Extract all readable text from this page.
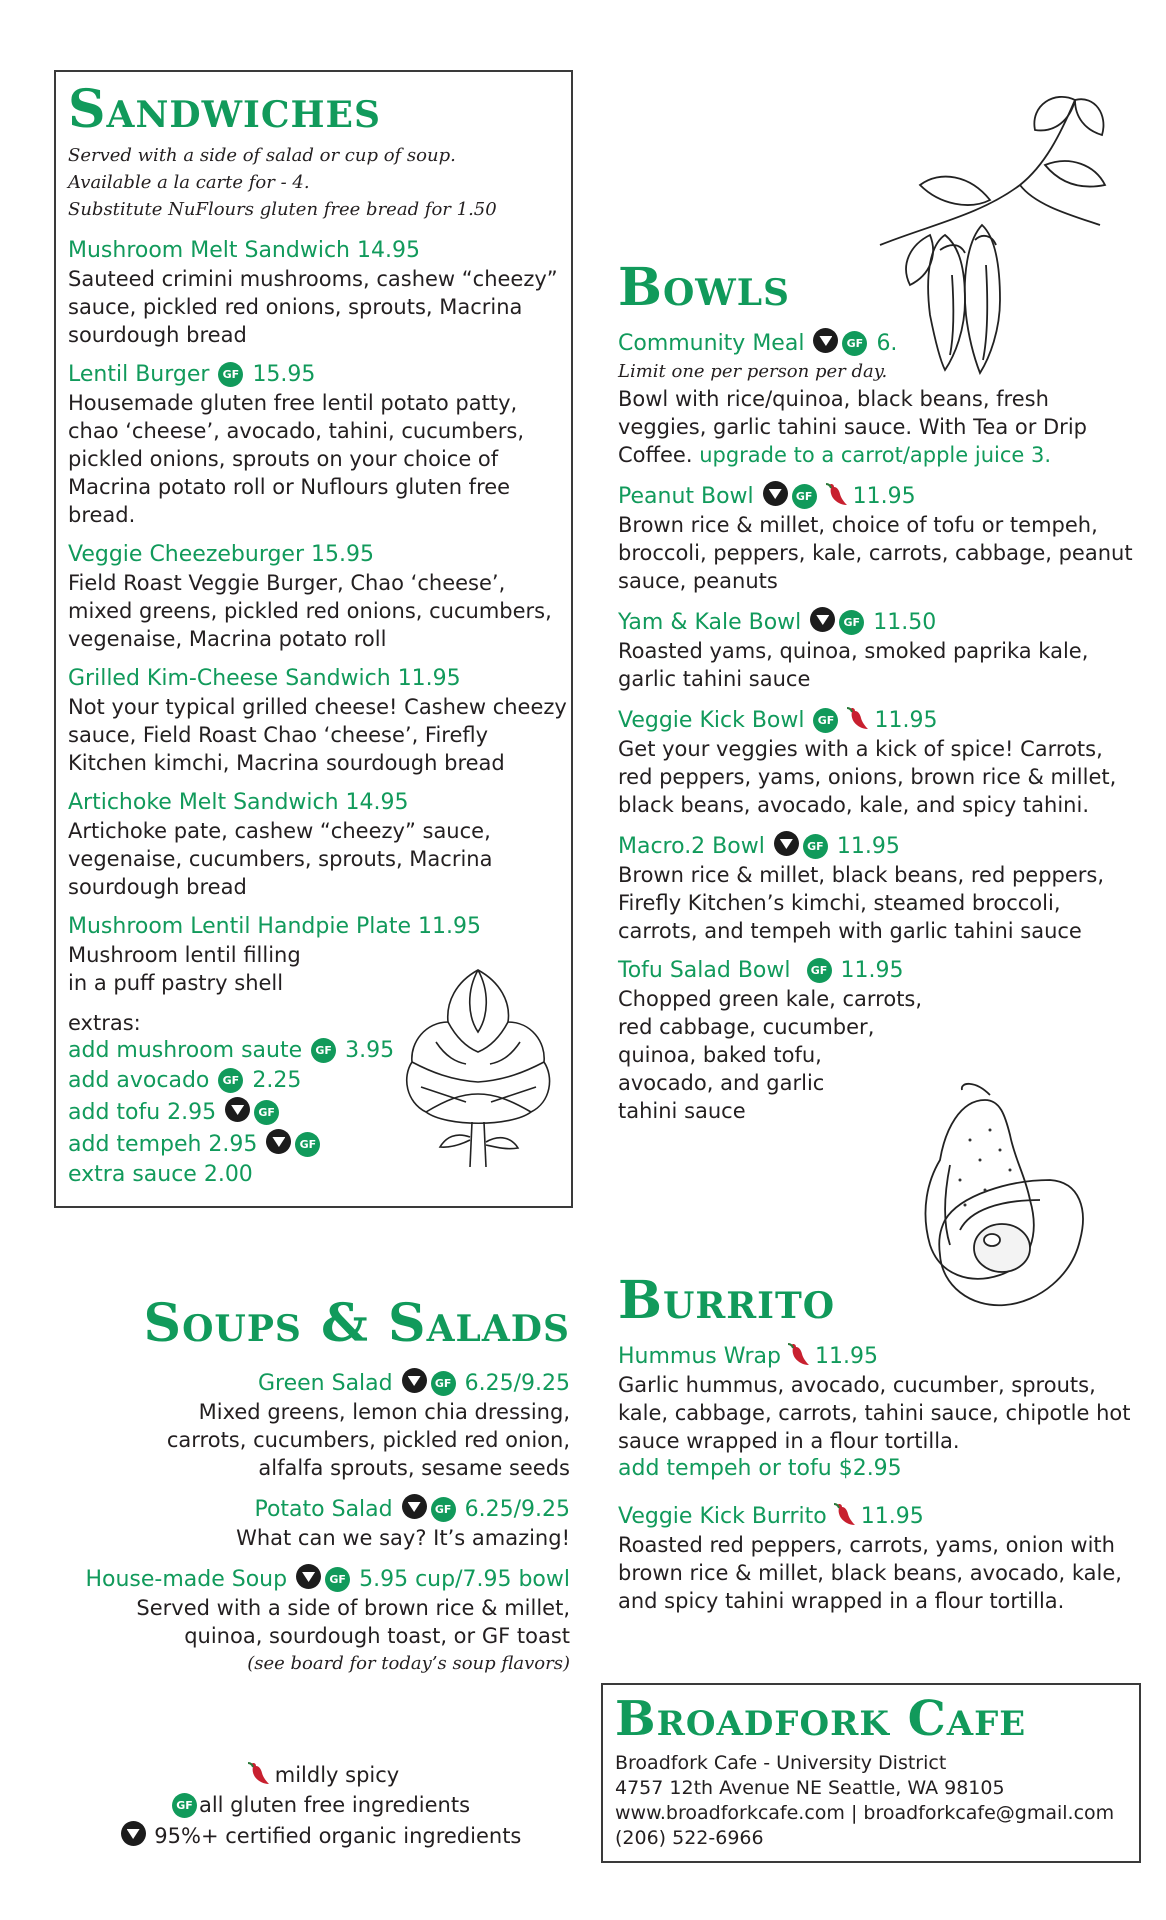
Sandwiches
Served with a side of salad or cup of soup.
Available a la carte for - 4.
Substitute NuFlours gluten free bread for 1.50
Mushroom Melt Sandwich 14.95
Sauteed crimini mushrooms, cashew “cheezy” sauce, pickled red onions, sprouts, Macrina sourdough bread
Lentil Burger GF 15.95
Housemade gluten free lentil potato patty, chao ‘cheese’, avocado, tahini, cucumbers, pickled onions, sprouts on your choice of Macrina potato roll or Nuflours gluten free bread.
Veggie Cheezeburger 15.95
Field Roast Veggie Burger, Chao ‘cheese’, mixed greens, pickled red onions, cucumbers, vegenaise, Macrina potato roll
Grilled Kim-Cheese Sandwich 11.95
Not your typical grilled cheese! Cashew cheezy sauce, Field Roast Chao ‘cheese’, Firefly Kitchen kimchi, Macrina sourdough bread
Artichoke Melt Sandwich 14.95
Artichoke pate, cashew “cheezy” sauce, vegenaise, cucumbers, sprouts, Macrina sourdough bread
Mushroom Lentil Handpie Plate 11.95
Mushroom lentil filling
in a puff pastry shell
extras:
add mushroom saute GF 3.95
add avocado GF 2.25
add tofu 2.95	GF
add tempeh 2.95	GF
extra sauce 2.00
Bowls
Community Meal	GF 6.
Limit one per person per day.
Bowl with rice/quinoa, black beans, fresh veggies, garlic tahini sauce. With Tea or Drip Coffee. upgrade to a carrot/apple juice 3.
Peanut Bowl	GF 11.95
Brown rice & millet, choice of tofu or tempeh, broccoli, peppers, kale, carrots, cabbage, peanut sauce, peanuts
Yam & Kale Bowl	GF 11.50
Roasted yams, quinoa, smoked paprika kale, garlic tahini sauce
Veggie Kick Bowl GF 11.95
Get your veggies with a kick of spice! Carrots, red peppers, yams, onions, brown rice & millet, black beans, avocado, kale, and spicy tahini.
Macro.2 Bowl	GF 11.95
Brown rice & millet, black beans, red peppers, Firefly Kitchen’s kimchi, steamed broccoli, carrots, and tempeh with garlic tahini sauce
Tofu Salad Bowl GF 11.95
Chopped green kale, carrots,
red cabbage, cucumber,
quinoa, baked tofu,
avocado, and garlic
tahini sauce
Burrito
Hummus Wrap 11.95
Garlic hummus, avocado, cucumber, sprouts, kale, cabbage, carrots, tahini sauce, chipotle hot sauce wrapped in a flour tortilla.
add tempeh or tofu $2.95
Veggie Kick Burrito 11.95
Roasted red peppers, carrots, yams, onion with brown rice & millet, black beans, avocado, kale, and spicy tahini wrapped in a flour tortilla.
Soups & Salads
Green Salad	GF 6.25/9.25
Mixed greens, lemon chia dressing,
carrots, cucumbers, pickled red onion,
alfalfa sprouts, sesame seeds
Potato Salad	GF 6.25/9.25
What can we say? It’s amazing!
House-made Soup	GF 5.95 cup/7.95 bowl
Served with a side of brown rice & millet,
quinoa, sourdough toast, or GF toast
(see board for today’s soup flavors)
mildly spicy
GF all gluten free ingredients
95%+ certified organic ingredients
Broadfork Cafe
Broadfork Cafe - University District
4757 12th Avenue NE Seattle, WA 98105
www.broadforkcafe.com | broadforkcafe@gmail.com
(206) 522-6966
